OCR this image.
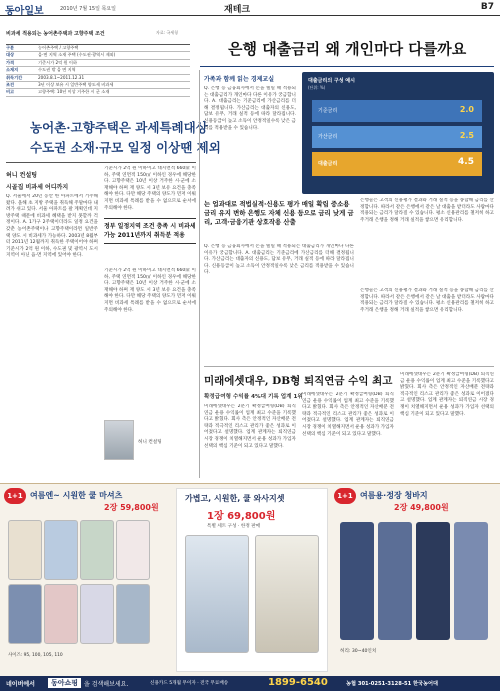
동아일보	2010년 7월 15일 목요일	재테크	B7
은행 대출금리 왜 개인마다 다를까요
비과세 적용되는 농어촌주택과 고향주택 조건	자료: 국세청
구분	농어촌주택 / 고향주택
대상	읍·면 지역 소재 주택 (수도권·광역시 제외)
가격	기준시가 2억 원 이하
소재지	수도권 밖 읍 면 지역
취득기간	2003.8.1~2011.12.31
조건	3년 이상 보유 시 일반주택 양도세 비과세
비고	고향주택: 10년 이상 거주한 시 군 소재
농어촌·고향주택은 과세특례대상
수도권 소재·규모 일정 이상땐 제외
허니 컨설팅
시골집 비과세 어디까지
Q. 서울에서 20년 동안 한 아파트에서 거주해 왔다. 올해 초 지방 주택을 취득해 주말마다 내려가 쉬고 있다. 서울 아파트를 팔 계획인데 지방주택 때문에 비과세 혜택을 받지 못할까 걱정이다. A. 1가구 2주택이더라도 일정 요건을 갖춘 농어촌주택이나 고향주택이라면 일반주택 양도 시 비과세가 가능하다. 2003년 8월부터 2011년 12월까지 취득한 주택이어야 하며 기준시가 2억 원 이하, 수도권 및 광역시 도시지역이 아닌 읍·면 지역에 있어야 한다.
기준시가 2억 원 이하이고 대지면적 660㎡ 이하, 주택 연면적 150㎡ 이하인 경우에 해당한다. 고향주택은 10년 이상 거주한 시·군에 소재해야 하며 재 양도 시 3년 보유 요건을 충족해야 한다. 다만 해당 주택의 양도가 먼저 이뤄지면 비과세 특례를 받을 수 없으므로 순서에 주의해야 한다.
정부 일정지역 조건 충족 시 비과세 가능 2011년까지 취득분 적용
기준시가 2억 원 이하이고 대지면적 660㎡ 이하, 주택 연면적 150㎡ 이하인 경우에 해당한다. 고향주택은 10년 이상 거주한 시·군에 소재해야 하며 재 양도 시 3년 보유 요건을 충족해야 한다. 다만 해당 주택의 양도가 먼저 이뤄지면 비과세 특례를 받을 수 없으므로 순서에 주의해야 한다.
허니 컨설팅
가족과 함께 읽는 경제교실
Q. 은행 등 금융회사에서 돈을 빌릴 때 적용되는 대출금리가 개인마다 다른 이유가 궁금합니다. A. 대출금리는 기준금리에 가산금리를 더해 결정됩니다. 가산금리는 대출자의 신용도, 담보 유무, 거래 실적 등에 따라 달라집니다. 신용등급이 높고 소득이 안정적일수록 낮은 금리를 적용받을 수 있습니다.
대출금리의 구성 예시
(단위: %)
기준금리	2.0
가산금리	2.5
대출금리	4.5
는 업과대로 적법실적·신용도 평가 매일 확립 중소용 금리 유지 변하 은행도 자체 신용 등으로 금리 낮게 금리, 고객·금융기관 상호작용 산출
은행들은 고객의 신용평가 결과와 거래 실적 등을 종합해 금리를 산정합니다. 따라서 같은 은행에서 같은 날 대출을 받더라도 사람마다 적용되는 금리가 달라질 수 있습니다. 평소 신용관리를 철저히 하고 주거래 은행을 정해 거래 실적을 쌓으면 유리합니다.
Q. 은행 등 금융회사에서 돈을 빌릴 때 적용되는 대출금리가 개인마다 다른 이유가 궁금합니다. A. 대출금리는 기준금리에 가산금리를 더해 결정됩니다. 가산금리는 대출자의 신용도, 담보 유무, 거래 실적 등에 따라 달라집니다. 신용등급이 높고 소득이 안정적일수록 낮은 금리를 적용받을 수 있습니다.
은행들은 고객의 신용평가 결과와 거래 실적 등을 종합해 금리를 산정합니다. 따라서 같은 은행에서 같은 날 대출을 받더라도 사람마다 적용되는 금리가 달라질 수 있습니다. 평소 신용관리를 철저히 하고 주거래 은행을 정해 거래 실적을 쌓으면 유리합니다.
미래에셋대우, DB형 퇴직연금 수익 최고
확정급여형 수익률 4%대 기록 업계 1위
미래에셋대우는 2분기 확정급여형(DB) 퇴직연금 운용 수익률이 업계 최고 수준을 기록했다고 밝혔다. 회사 측은 안정적인 자산배분 전략과 적극적인 리스크 관리가 좋은 성과로 이어졌다고 설명했다. 업계 관계자는 퇴직연금 시장 경쟁이 치열해지면서 운용 성과가 가입자 선택의 핵심 기준이 되고 있다고 말했다.
미래에셋대우는 2분기 확정급여형(DB) 퇴직연금 운용 수익률이 업계 최고 수준을 기록했다고 밝혔다. 회사 측은 안정적인 자산배분 전략과 적극적인 리스크 관리가 좋은 성과로 이어졌다고 설명했다. 업계 관계자는 퇴직연금 시장 경쟁이 치열해지면서 운용 성과가 가입자 선택의 핵심 기준이 되고 있다고 말했다.
미래에셋대우는 2분기 확정급여형(DB) 퇴직연금 운용 수익률이 업계 최고 수준을 기록했다고 밝혔다. 회사 측은 안정적인 자산배분 전략과 적극적인 리스크 관리가 좋은 성과로 이어졌다고 설명했다. 업계 관계자는 퇴직연금 시장 경쟁이 치열해지면서 운용 성과가 가입자 선택의 핵심 기준이 되고 있다고 말했다.
1+1 여름엔~ 시원한 쿨 마셔츠
2장 59,800원
사이즈: 95, 100, 105, 110
가볍고, 시원한, 쿨 와사지셋
1장 69,800원
특별 세트 구성 · 한정 판매
1+1 여름용·정장 청바지
2장 49,800원
허리: 30~40인치
네이버에서	동아쇼핑 을 검색해보세요.	신용카드 5개월 무이자 · 전국 무료배송	1899-6540	농협 301-0251-3128-51 한국농어대
